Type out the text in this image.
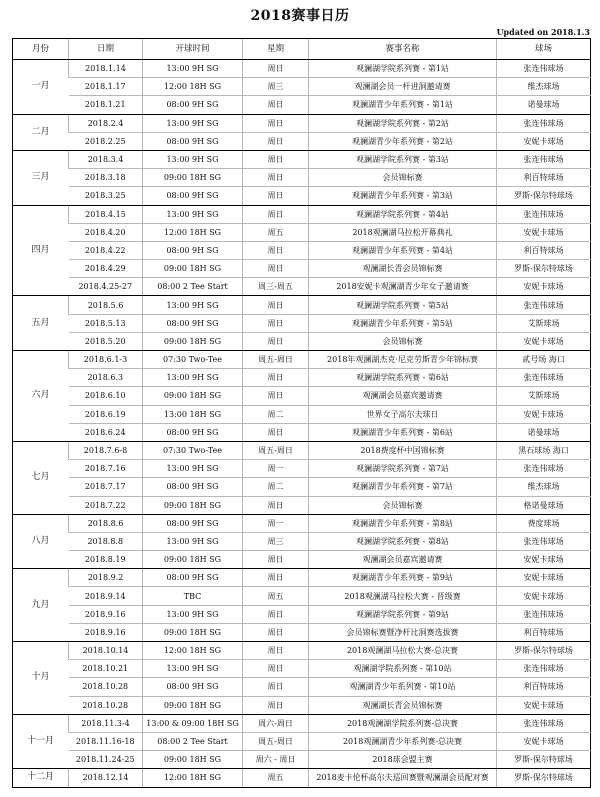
2018赛事日历
Updated on 2018.1.3
月份	日期	开球时间	星期	赛事名称	球场
一月	2018.1.14	13:00 9H SG	周日	观澜湖学院系列赛 - 第1站	张连伟球场
	2018.1.17	12:00 18H SG	周三	观澜湖会员一杆进洞邀请赛	维杰球场
	2018.1.21	08:00 9H SG	周日	观澜湖青少年系列赛 - 第1站	诺曼球场
二月	2018.2.4	13:00 9H SG	周日	观澜湖学院系列赛 - 第2站	张连伟球场
	2018.2.25	08:00 9H SG	周日	观澜湖青少年系列赛 - 第2站	安妮卡球场
三月	2018.3.4	13:00 9H SG	周日	观澜湖学院系列赛 - 第3站	张连伟球场
	2018.3.18	09:00 18H SG	周日	会员锦标赛	利百特球场
	2018.3.25	08:00 9H SG	周日	观澜湖青少年系列赛 - 第3站	罗斯-保尔特球场
四月	2018.4.15	13:00 9H SG	周日	观澜湖学院系列赛 - 第4站	张连伟球场
	2018.4.20	12:00 18H SG	周五	2018观澜湖马拉松开幕典礼	安妮卡球场
	2018.4.22	08:00 9H SG	周日	观澜湖青少年系列赛 - 第4站	利百特球场
	2018.4.29	09:00 18H SG	周日	观澜湖长青会员锦标赛	罗斯-保尔特球场
	2018.4.25-27	08:00 2 Tee Start	周三-周五	2018安妮卡观澜湖青少年女子邀请赛	安妮卡球场
五月	2018.5.6	13:00 9H SG	周日	观澜湖学院系列赛 - 第5站	张连伟球场
	2018.5.13	08:00 9H SG	周日	观澜湖青少年系列赛 - 第5站	艾斯球场
	2018.5.20	09:00 18H SG	周日	会员锦标赛	安妮卡球场
六月	2018.6.1-3	07:30 Two-Tee	周五-周日	2018年观澜湖杰克·尼克劳斯青少年锦标赛	贰号场 海口
	2018.6.3	13:00 9H SG	周日	观澜湖学院系列赛 - 第6站	张连伟球场
	2018.6.10	09:00 18H SG	周日	观澜湖会员嘉宾邀请赛	艾斯球场
	2018.6.19	13:00 18H SG	周二	世界女子高尔夫球日	安妮卡球场
	2018.6.24	08:00 9H SG	周日	观澜湖青少年系列赛 - 第6站	诺曼球场
七月	2018.7.6-8	07:30 Two-Tee	周五-周日	2018费度杯中国锦标赛	黑石球场 海口
	2018.7.16	13:00 9H SG	周一	观澜湖学院系列赛 - 第7站	张连伟球场
	2018.7.17	08:00 9H SG	周二	观澜湖青少年系列赛 - 第7站	维杰球场
	2018.7.22	09:00 18H SG	周日	会员锦标赛	格诺曼球场
八月	2018.8.6	08:00 9H SG	周一	观澜湖青少年系列赛 - 第8站	费度球场
	2018.8.8	13:00 9H SG	周三	观澜湖学院系列赛 - 第8站	张连伟球场
	2018.8.19	09:00 18H SG	周日	观澜湖会员嘉宾邀请赛	安妮卡球场
九月	2018.9.2	08:00 9H SG	周日	观澜湖青少年系列赛 - 第9站	安妮卡球场
	2018.9.14	TBC	周五	2018观澜湖马拉松大赛 - 晋级赛	安妮卡球场
	2018.9.16	13:00 9H SG	周日	观澜湖学院系列赛 - 第9站	张连伟球场
	2018.9.16	09:00 18H SG	周日	会员锦标赛暨净杆比洞赛选拔赛	利百特球场
十月	2018.10.14	12:00 18H SG	周日	2018观澜湖马拉松大赛-总决赛	罗斯-保尔特球场
	2018.10.21	13:00 9H SG	周日	观澜湖学院系列赛 - 第10站	张连伟球场
	2018.10.28	08:00 9H SG	周日	观澜湖青少年系列赛 - 第10站	利百特球场
	2018.10.28	09:00 18H SG	周日	观澜湖长青会员锦标赛	安妮卡球场
十一月	2018.11.3-4	13:00 & 09:00 18H SG	周六-周日	2018观澜湖学院系列赛-总决赛	张连伟球场
	2018.11.16-18	08:00 2 Tee Start	周五-周日	2018观澜湖青少年系列赛-总决赛	安妮卡球场
	2018.11.24-25	09:00 18H SG	周六 - 周日	2018球会盟主赛	罗斯-保尔特球场
十二月	2018.12.14	12:00 18H SG	周五	2018麦卡伦杯高尔夫巡回赛暨观澜湖会员配对赛	罗斯-保尔特球场
